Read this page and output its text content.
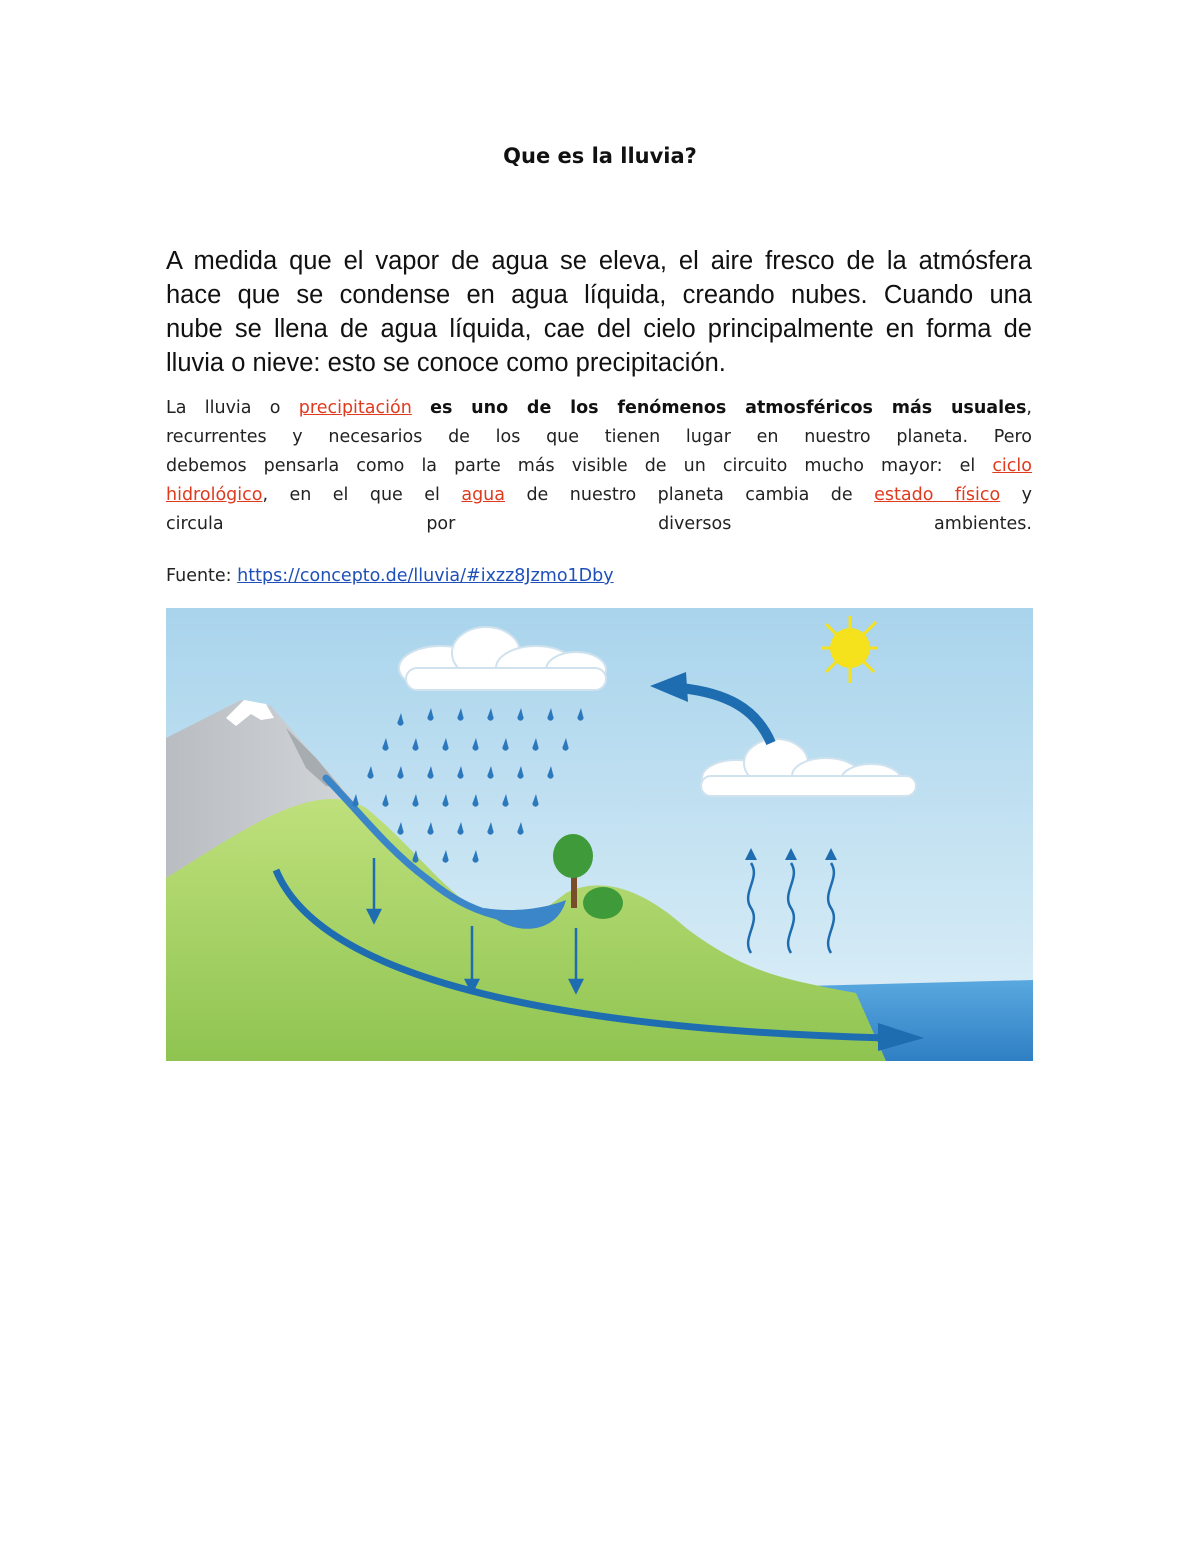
Que es la lluvia?
A medida que el vapor de agua se eleva, el aire fresco de la atmósfera
hace que se condense en agua líquida, creando nubes. Cuando una
nube se llena de agua líquida, cae del cielo principalmente en forma de
lluvia o nieve: esto se conoce como precipitación.
La lluvia o precipitación es uno de los fenómenos atmosféricos más usuales,
recurrentes y necesarios de los que tienen lugar en nuestro planeta. Pero
debemos pensarla como la parte más visible de un circuito mucho mayor: el ciclo
hidrológico, en el que el agua de nuestro planeta cambia de estado físico y
circula	por	diversos	ambientes.
Fuente: https://concepto.de/lluvia/#ixzz8Jzmo1Dby
